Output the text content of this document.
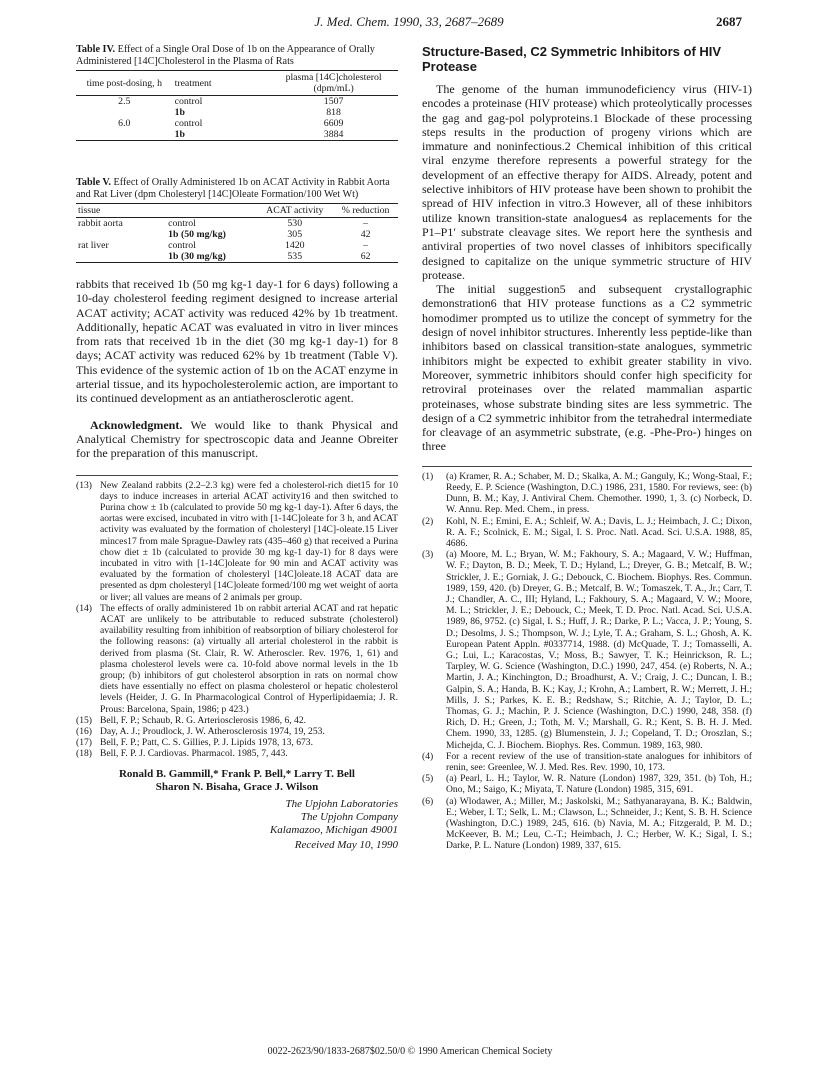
J. Med. Chem. 1990, 33, 2687–2689	2687
Table IV. Effect of a Single Oral Dose of 1b on the Appearance of Orally Administered [14C]Cholesterol in the Plasma of Rats
time post-dosing, h	treatment	plasma [14C]cholesterol (dpm/mL)
2.5	control	1507
	1b	818
6.0	control	6609
	1b	3884
Table V. Effect of Orally Administered 1b on ACAT Activity in Rabbit Aorta and Rat Liver (dpm Cholesteryl [14C]Oleate Formation/100 Wet Wt)
tissue		ACAT activity	% reduction
rabbit aorta	control	530	–
	1b (50 mg/kg)	305	42
rat liver	control	1420	–
	1b (30 mg/kg)	535	62

rabbits that received 1b (50 mg kg-1 day-1 for 6 days) following a 10-day cholesterol feeding regiment designed to increase arterial ACAT activity; ACAT activity was reduced 42% by 1b treatment. Additionally, hepatic ACAT was evaluated in vitro in liver minces from rats that received 1b in the diet (30 mg kg-1 day-1) for 8 days; ACAT activity was reduced 62% by 1b treatment (Table V). This evidence of the systemic action of 1b on the ACAT enzyme in arterial tissue, and its hypocholesterolemic action, are important to its continued development as an antiatherosclerotic agent.

Acknowledgment. We would like to thank Physical and Analytical Chemistry for spectroscopic data and Jeanne Obreiter for the preparation of this manuscript.

(13) New Zealand rabbits (2.2–2.3 kg) were fed a cholesterol-rich diet15 for 10 days to induce increases in arterial ACAT activity16 and then switched to Purina chow ± 1b (calculated to provide 50 mg kg-1 day-1). After 6 days, the aortas were excised, incubated in vitro with [1-14C]oleate for 3 h, and ACAT activity was evaluated by the formation of cholesteryl [14C]-oleate.15 Liver minces17 from male Sprague-Dawley rats (435–460 g) that received a Purina chow diet ± 1b (calculated to provide 30 mg kg-1 day-1) for 8 days were incubated in vitro with [1-14C]oleate for 90 min and ACAT activity was evaluated by the formation of cholesteryl [14C]oleate.18 ACAT data are presented as dpm cholesteryl [14C]oleate formed/100 mg wet weight of aorta or liver; all values are means of 2 animals per group.
(14) The effects of orally administered 1b on rabbit arterial ACAT and rat hepatic ACAT are unlikely to be attributable to reduced substrate (cholesterol) availability resulting from inhibition of reabsorption of biliary cholesterol for the following reasons: (a) virtually all arterial cholesterol in the rabbit is derived from plasma (St. Clair, R. W. Atheroscler. Rev. 1976, 1, 61) and plasma cholesterol levels were ca. 10-fold above normal levels in the 1b group; (b) inhibitors of gut cholesterol absorption in rats on normal chow diets have essentially no effect on plasma cholesterol or hepatic cholesterol levels (Heider, J. G. In Pharmacological Control of Hyperlipidaemia; J. R. Prous: Barcelona, Spain, 1986; p 423.)
(15) Bell, F. P.; Schaub, R. G. Arteriosclerosis 1986, 6, 42.
(16) Day, A. J.; Proudlock, J. W. Atherosclerosis 1974, 19, 253.
(17) Bell, F. P.; Patt, C. S. Gillies, P. J. Lipids 1978, 13, 673.
(18) Bell, F. P. J. Cardiovas. Pharmacol. 1985, 7, 443.
Ronald B. Gammill,* Frank P. Bell,* Larry T. Bell
Sharon N. Bisaha, Grace J. Wilson
The Upjohn Laboratories
The Upjohn Company
Kalamazoo, Michigan 49001
Received May 10, 1990
Structure-Based, C2 Symmetric Inhibitors of HIV Protease

The genome of the human immunodeficiency virus (HIV-1) encodes a proteinase (HIV protease) which proteolytically processes the gag and gag-pol polyproteins.1 Blockade of these processing steps results in the production of progeny virions which are immature and noninfectious.2 Chemical inhibition of this critical viral enzyme therefore represents a powerful strategy for the development of an effective therapy for AIDS. Already, potent and selective inhibitors of HIV protease have been shown to prohibit the spread of HIV infection in vitro.3 However, all of these inhibitors utilize known transition-state analogues4 as replacements for the P1–P1′ substrate cleavage sites. We report here the synthesis and antiviral properties of two novel classes of inhibitors specifically designed to capitalize on the unique symmetric structure of HIV protease.

The initial suggestion5 and subsequent crystallographic demonstration6 that HIV protease functions as a C2 symmetric homodimer prompted us to utilize the concept of symmetry for the design of novel inhibitor structures. Inherently less peptide-like than inhibitors based on classical transition-state analogues, symmetric inhibitors might be expected to exhibit greater stability in vivo. Moreover, symmetric inhibitors should confer high specificity for retroviral proteinases over the related mammalian aspartic proteinases, whose substrate binding sites are less symmetric. The design of a C2 symmetric inhibitor from the tetrahedral intermediate for cleavage of an asymmetric substrate, (e.g. -Phe-Pro-) hinges on three

(1)	(a) Kramer, R. A.; Schaber, M. D.; Skalka, A. M.; Ganguly, K.; Wong-Staal, F.; Reedy, E. P. Science (Washington, D.C.) 1986, 231, 1580. For reviews, see: (b) Dunn, B. M.; Kay, J. Antiviral Chem. Chemother. 1990, 1, 3. (c) Norbeck, D. W. Annu. Rep. Med. Chem., in press.
(2)	Kohl, N. E.; Emini, E. A.; Schleif, W. A.; Davis, L. J.; Heimbach, J. C.; Dixon, R. A. F.; Scolnick, E. M.; Sigal, I. S. Proc. Natl. Acad. Sci. U.S.A. 1988, 85, 4686.
(3)	(a) Moore, M. L.; Bryan, W. M.; Fakhoury, S. A.; Magaard, V. W.; Huffman, W. F.; Dayton, B. D.; Meek, T. D.; Hyland, L.; Dreyer, G. B.; Metcalf, B. W.; Strickler, J. E.; Gorniak, J. G.; Debouck, C. Biochem. Biophys. Res. Commun. 1989, 159, 420. (b) Dreyer, G. B.; Metcalf, B. W.; Tomaszek, T. A., Jr.; Carr, T. J.; Chandler, A. C., III; Hyland, L.; Fakhoury, S. A.; Magaard, V. W.; Moore, M. L.; Strickler, J. E.; Debouck, C.; Meek, T. D. Proc. Natl. Acad. Sci. U.S.A. 1989, 86, 9752. (c) Sigal, I. S.; Huff, J. R.; Darke, P. L.; Vacca, J. P.; Young, S. D.; Desolms, J. S.; Thompson, W. J.; Lyle, T. A.; Graham, S. L.; Ghosh, A. K. European Patent Appln. #0337714, 1988. (d) McQuade, T. J.; Tomasselli, A. G.; Lui, L.; Karacostas, V.; Moss, B.; Sawyer, T. K.; Heinrickson, R. L.; Tarpley, W. G. Science (Washington, D.C.) 1990, 247, 454. (e) Roberts, N. A.; Martin, J. A.; Kinchington, D.; Broadhurst, A. V.; Craig, J. C.; Duncan, I. B.; Galpin, S. A.; Handa, B. K.; Kay, J.; Krohn, A.; Lambert, R. W.; Merrett, J. H.; Mills, J. S.; Parkes, K. E. B.; Redshaw, S.; Ritchie, A. J.; Taylor, D. L.; Thomas, G. J.; Machin, P. J. Science (Washington, D.C.) 1990, 248, 358. (f) Rich, D. H.; Green, J.; Toth, M. V.; Marshall, G. R.; Kent, S. B. H. J. Med. Chem. 1990, 33, 1285. (g) Blumenstein, J. J.; Copeland, T. D.; Oroszlan, S.; Michejda, C. J. Biochem. Biophys. Res. Commun. 1989, 163, 980.
(4)	For a recent review of the use of transition-state analogues for inhibitors of renin, see: Greenlee, W. J. Med. Res. Rev. 1990, 10, 173.
(5)	(a) Pearl, L. H.; Taylor, W. R. Nature (London) 1987, 329, 351. (b) Toh, H.; Ono, M.; Saigo, K.; Miyata, T. Nature (London) 1985, 315, 691.
(6)	(a) Wlodawer, A.; Miller, M.; Jaskolski, M.; Sathyanarayana, B. K.; Baldwin, E.; Weber, I. T.; Selk, L. M.; Clawson, L.; Schneider, J.; Kent, S. B. H. Science (Washington, D.C.) 1989, 245, 616. (b) Navia, M. A.; Fitzgerald, P. M. D.; McKeever, B. M.; Leu, C.-T.; Heimbach, J. C.; Herber, W. K.; Sigal, I. S.; Darke, P. L. Nature (London) 1989, 337, 615.
0022-2623/90/1833-2687$02.50/0 © 1990 American Chemical Society
